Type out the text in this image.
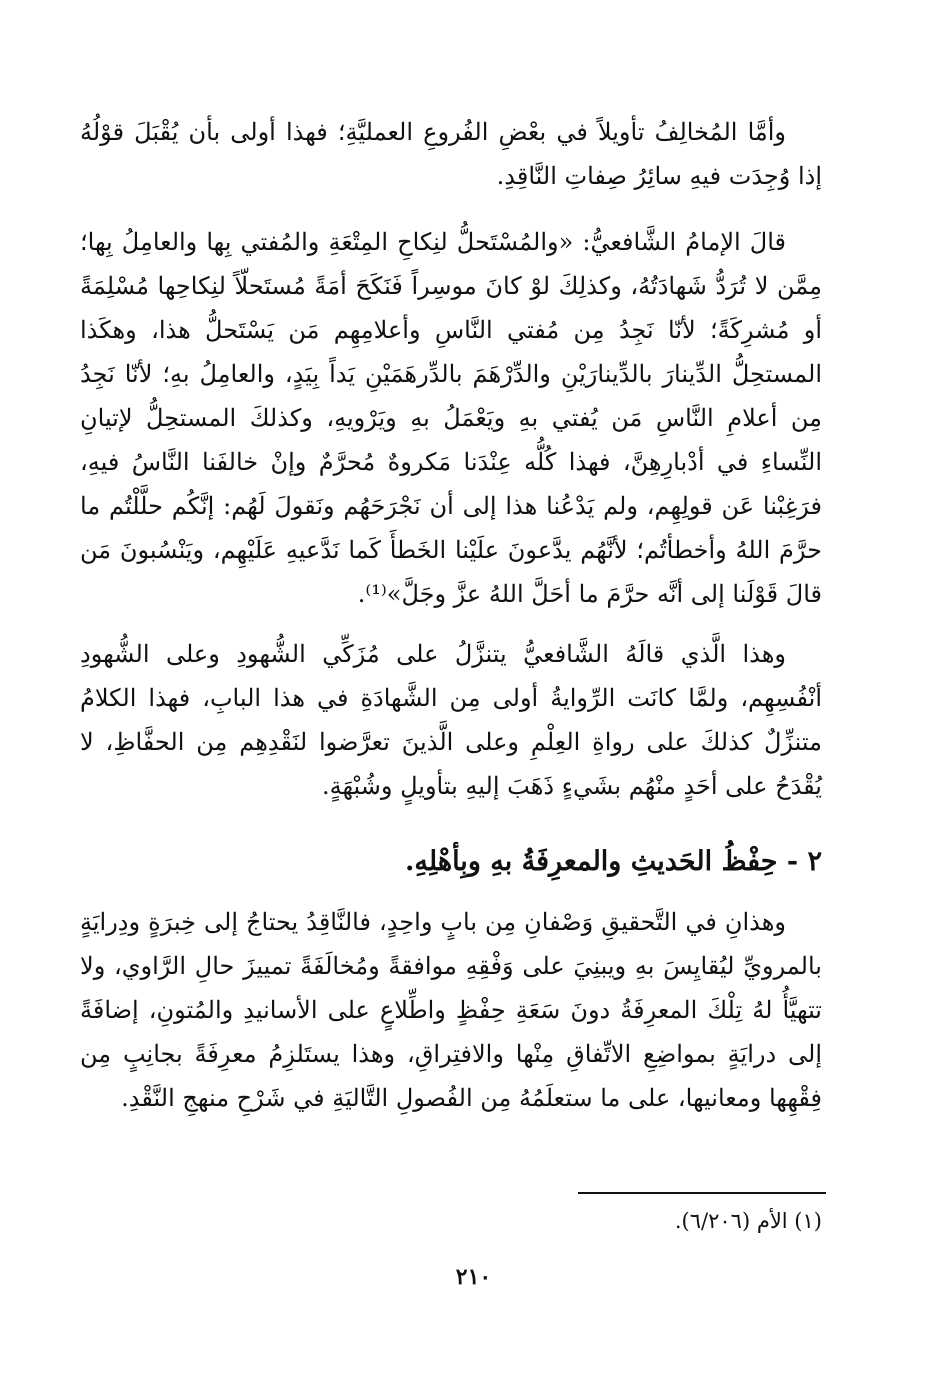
وأمَّا المُخالِفُ تأويلاً في بعْضِ الفُروعِ العمليَّةِ؛ فهذا أولى بأن يُقْبَلَ قوْلُهُ إذا وُجِدَت فيهِ سائِرُ صِفاتِ النَّاقِدِ.

قالَ الإمامُ الشَّافعيُّ: «والمُسْتَحلُّ لنِكاحِ المِتْعَةِ والمُفتي بِها والعامِلُ بِها؛ مِمَّن لا تُرَدُّ شَهادَتُهُ، وكذلِكَ لوْ كانَ موسِراً فَنَكَحَ أمَةً مُستَحلّاً لنِكاحِها مُسْلِمَةً أو مُشرِكَةً؛ لأنّا نَجِدُ مِن مُفتي النَّاسِ وأعلامِهِم مَن يَسْتَحلُّ هذا، وهكَذا المستحِلُّ الدِّينارَ بالدِّينارَيْنِ والدِّرْهَمَ بالدِّرهَمَيْنِ يَداً بِيَدٍ، والعامِلُ بهِ؛ لأنّا نَجِدُ مِن أعلامِ النَّاسِ مَن يُفتي بهِ ويَعْمَلُ بهِ ويَرْويهِ، وكذلكَ المستحِلُّ لإتيانِ النِّساءِ في أدْبارِهِنَّ، فهذا كُلُّه عِنْدَنا مَكروهٌ مُحرَّمٌ وإنْ خالفَنا النَّاسُ فيهِ، فرَغِبْنا عَن قولِهِم، ولم يَدْعُنا هذا إلى أن نَجْرَحَهُم ونَقولَ لَهُم: إنَّكُم حلَّلْتُم ما حرَّمَ اللهُ وأخطأتُم؛ لأنَّهُم يدَّعونَ علَيْنا الخَطأَ كَما نَدَّعيهِ عَلَيْهِم، ويَنْسُبونَ مَن قالَ قَوْلَنا إلى أنَّه حرَّمَ ما أحَلَّ اللهُ عزَّ وجَلَّ»⁽¹⁾.

وهذا الَّذي قالَهُ الشَّافعيُّ يتنزَّلُ على مُزَكِّي الشُّهودِ وعلى الشُّهودِ أنْفُسِهِم، ولمَّا كانَت الرِّوايةُ أولى مِن الشَّهادَةِ في هذا البابِ، فهذا الكلامُ متنزِّلٌ كذلكَ على رواةِ العِلْمِ وعلى الَّذينَ تعرَّضوا لنَقْدِهِم مِن الحفَّاظِ، لا يُقْدَحُ على أحَدٍ منْهُم بشَيءٍ ذَهَبَ إليهِ بتأويلٍ وشُبْهَةٍ.

٢ - حِفْظُ الحَديثِ والمعرِفَةُ بهِ وبِأهْلِهِ.

وهذانِ في التَّحقيقِ وَصْفانِ مِن بابٍ واحِدٍ، فالنَّاقِدُ يحتاجُ إلى خِبرَةٍ ودِرايَةٍ بالمرويِّ ليُقايِسَ بهِ ويبنِيَ على وَفْقِهِ موافقةً ومُخالَفَةً تمييزَ حالِ الرَّاوي، ولا تتهيَّأُ لهُ تِلْكَ المعرِفَةُ دونَ سَعَةِ حِفْظٍ واطِّلاعٍ على الأسانيدِ والمُتونِ، إضافَةً إلى درايَةٍ بمواضِعِ الاتِّفاقِ مِنْها والافتِراقِ، وهذا يستَلزِمُ معرِفَةً بجانِبٍ مِن فِقْهِها ومعانيها، على ما ستعلَمُهُ مِن الفُصولِ التَّاليَةِ في شَرْحِ منهجِ النَّقْدِ.

(١) الأم (٦/٢٠٦).

٢١٠
